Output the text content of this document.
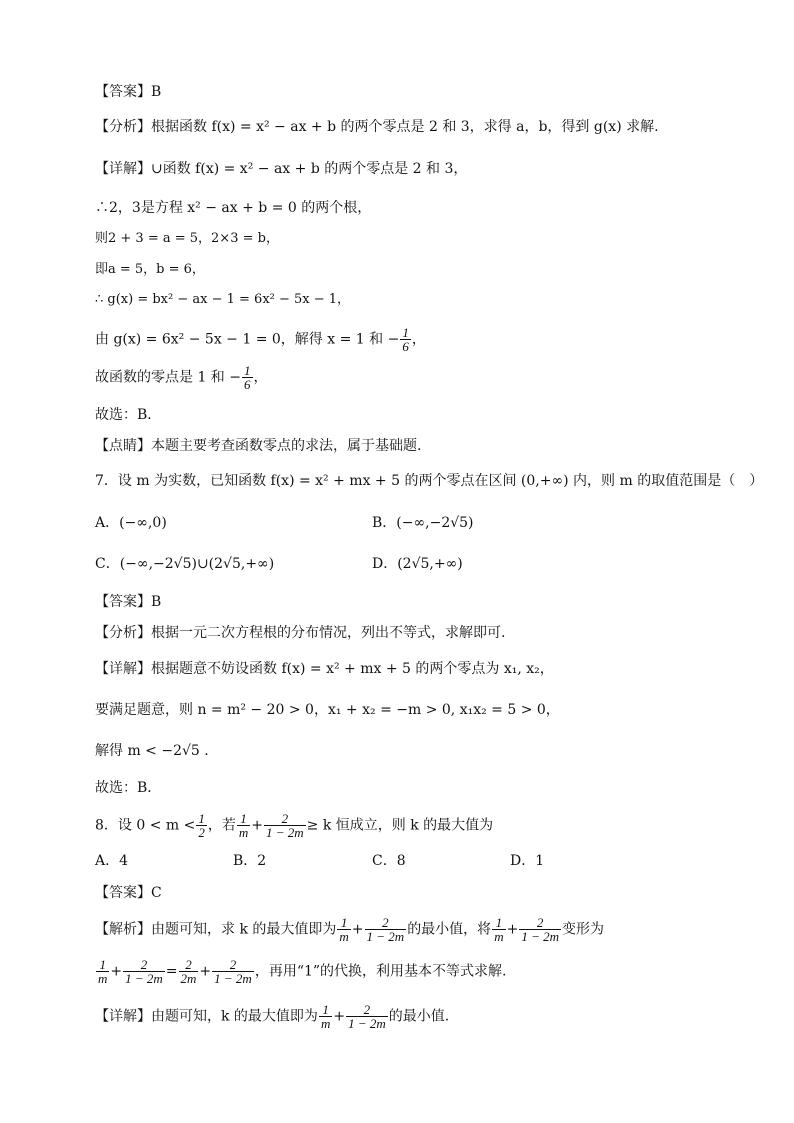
【答案】B
【分析】根据函数 f(x) = x² − ax + b 的两个零点是 2 和 3，求得 a，b，得到 g(x) 求解.
【详解】∪函数 f(x) = x² − ax + b 的两个零点是 2 和 3，
∴2，3是方程 x² − ax + b = 0 的两个根，
则2 + 3 = a = 5，2×3 = b，
即a = 5，b = 6，
∴ g(x) = bx² − ax − 1 = 6x² − 5x − 1，
由 g(x) = 6x² − 5x − 1 = 0，解得 x = 1 和 − $\frac{1}{6}$ ，
故函数的零点是 1 和 − $\frac{1}{6}$ ，
故选：B．
【点睛】本题主要考查函数零点的求法，属于基础题.
7．设 m 为实数，已知函数 f(x) = x² + mx + 5 的两个零点在区间 (0,+∞) 内，则 m 的取值范围是（　）
A．(−∞,0)	B．(−∞,−2√5)
C．(−∞,−2√5)∪(2√5,+∞)	D．(2√5,+∞)
【答案】B
【分析】根据一元二次方程根的分布情况，列出不等式，求解即可.
【详解】根据题意不妨设函数 f(x) = x² + mx + 5 的两个零点为 x₁, x₂，
要满足题意，则 n = m² − 20 > 0，x₁ + x₂ = −m > 0, x₁x₂ = 5 > 0，
解得 m < −2√5 .
故选：B．
8．设 $0 < m < \frac{1}{2}$ ，若 $\frac{1}{m} + \frac{2}{1 - 2m} \ge k$ 恒成立，则 k 的最大值为
A．4	B．2	C．8	D．1
【答案】C
【解析】由题可知，求 k 的最大值即为 $\frac{1}{m} + \frac{2}{1 - 2m}$ 的最小值，将 $\frac{1}{m} + \frac{2}{1 - 2m}$ 变形为
$\frac{1}{m} + \frac{2}{1 - 2m} = \frac{2}{2m} + \frac{2}{1 - 2m}$ ，再用“1”的代换，利用基本不等式求解.
【详解】由题可知，k 的最大值即为 $\frac{1}{m} + \frac{2}{1 - 2m}$ 的最小值.
